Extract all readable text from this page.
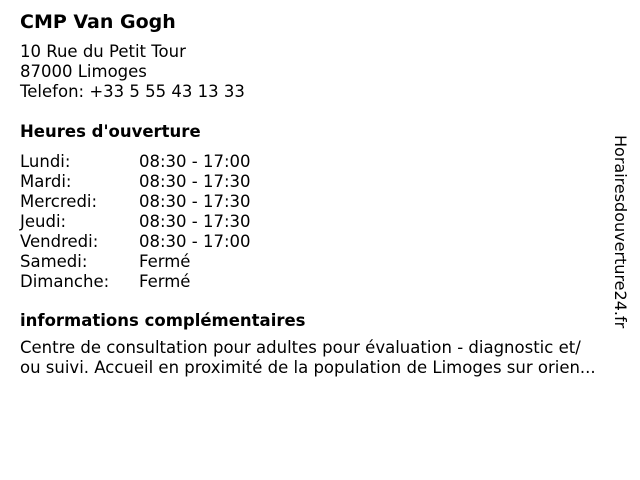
CMP Van Gogh
10 Rue du Petit Tour
87000 Limoges
Telefon: +33 5 55 43 13 33
Heures d'ouverture
Lundi:	08:30 - 17:00
Mardi:	08:30 - 17:30
Mercredi:	08:30 - 17:30
Jeudi:	08:30 - 17:30
Vendredi:	08:30 - 17:00
Samedi:	Fermé
Dimanche:	Fermé
informations complémentaires
Centre de consultation pour adultes pour évaluation - diagnostic et/
ou suivi. Accueil en proximité de la population de Limoges sur orien...
Horairesdouverture24.fr
